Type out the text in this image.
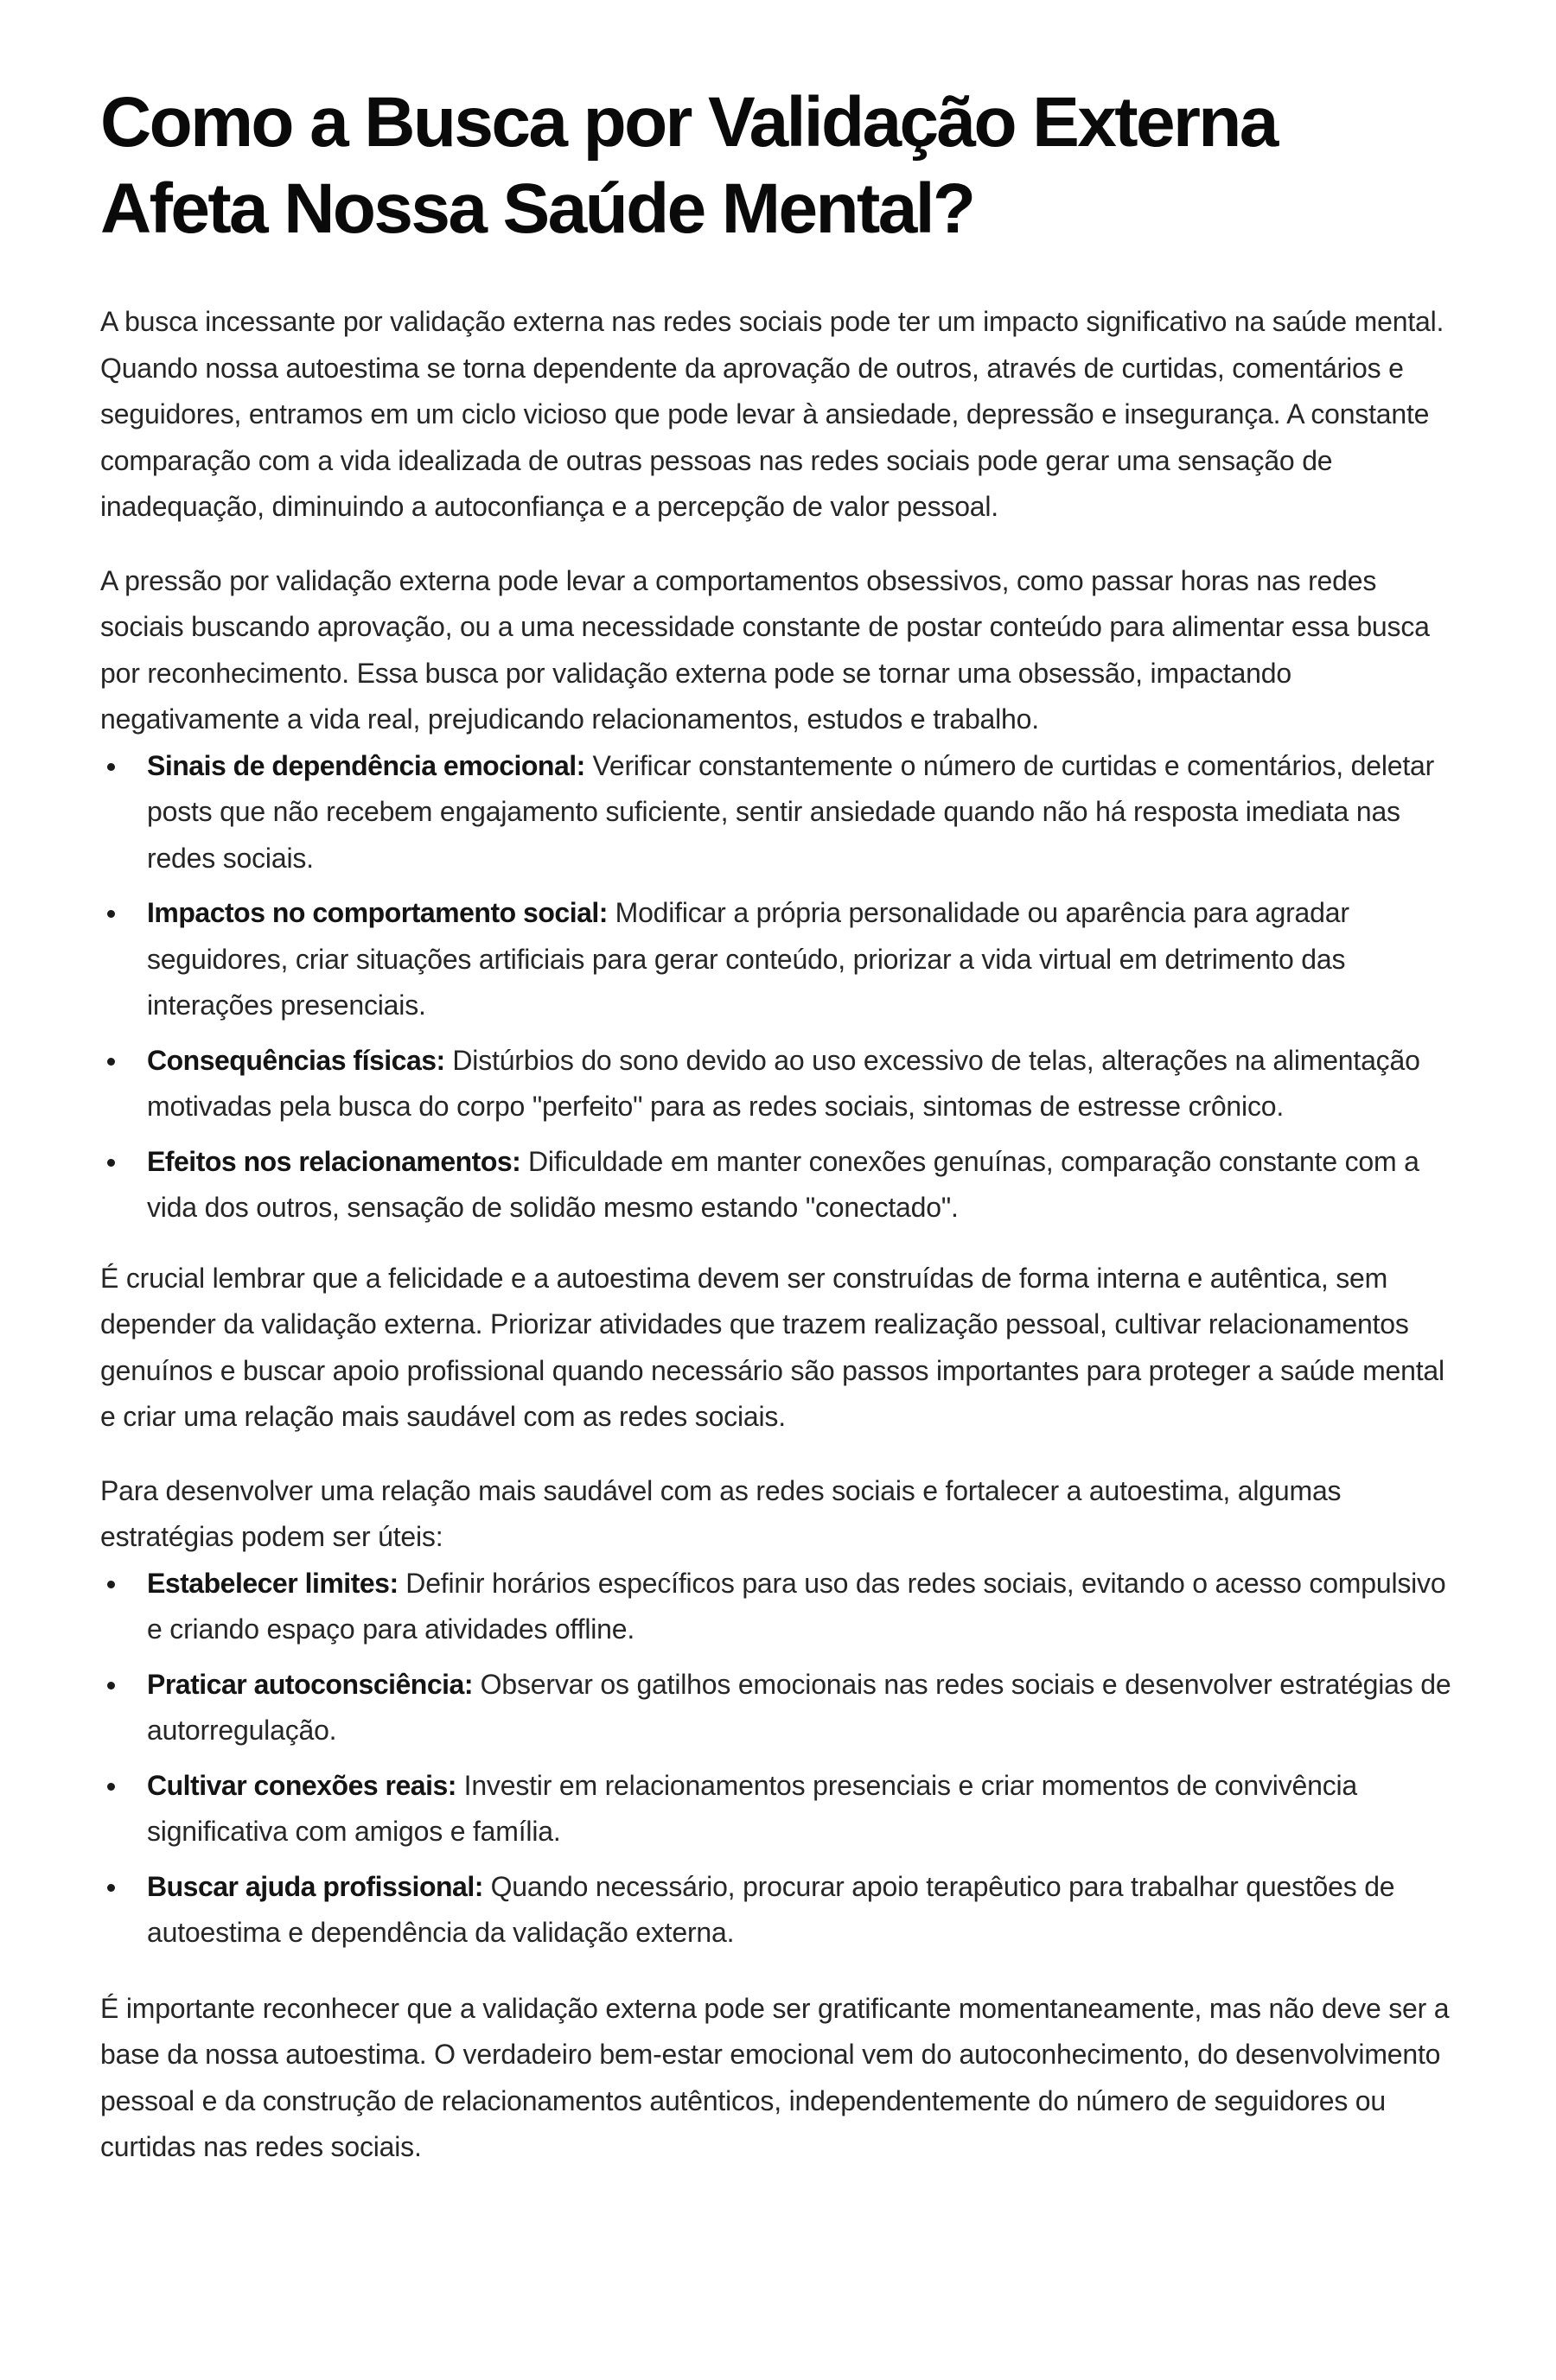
Como a Busca por Validação Externa
Afeta Nossa Saúde Mental?

A busca incessante por validação externa nas redes sociais pode ter um impacto significativo na saúde mental. Quando nossa autoestima se torna dependente da aprovação de outros, através de curtidas, comentários e seguidores, entramos em um ciclo vicioso que pode levar à ansiedade, depressão e insegurança. A constante comparação com a vida idealizada de outras pessoas nas redes sociais pode gerar uma sensação de inadequação, diminuindo a autoconfiança e a percepção de valor pessoal.

A pressão por validação externa pode levar a comportamentos obsessivos, como passar horas nas redes sociais buscando aprovação, ou a uma necessidade constante de postar conteúdo para alimentar essa busca por reconhecimento. Essa busca por validação externa pode se tornar uma obsessão, impactando negativamente a vida real, prejudicando relacionamentos, estudos e trabalho.

Sinais de dependência emocional: Verificar constantemente o número de curtidas e comentários, deletar posts que não recebem engajamento suficiente, sentir ansiedade quando não há resposta imediata nas redes sociais.
Impactos no comportamento social: Modificar a própria personalidade ou aparência para agradar seguidores, criar situações artificiais para gerar conteúdo, priorizar a vida virtual em detrimento das interações presenciais.
Consequências físicas: Distúrbios do sono devido ao uso excessivo de telas, alterações na alimentação motivadas pela busca do corpo "perfeito" para as redes sociais, sintomas de estresse crônico.
Efeitos nos relacionamentos: Dificuldade em manter conexões genuínas, comparação constante com a vida dos outros, sensação de solidão mesmo estando "conectado".

É crucial lembrar que a felicidade e a autoestima devem ser construídas de forma interna e autêntica, sem depender da validação externa. Priorizar atividades que trazem realização pessoal, cultivar relacionamentos genuínos e buscar apoio profissional quando necessário são passos importantes para proteger a saúde mental e criar uma relação mais saudável com as redes sociais.

Para desenvolver uma relação mais saudável com as redes sociais e fortalecer a autoestima, algumas estratégias podem ser úteis:

Estabelecer limites: Definir horários específicos para uso das redes sociais, evitando o acesso compulsivo e criando espaço para atividades offline.
Praticar autoconsciência: Observar os gatilhos emocionais nas redes sociais e desenvolver estratégias de autorregulação.
Cultivar conexões reais: Investir em relacionamentos presenciais e criar momentos de convivência significativa com amigos e família.
Buscar ajuda profissional: Quando necessário, procurar apoio terapêutico para trabalhar questões de autoestima e dependência da validação externa.

É importante reconhecer que a validação externa pode ser gratificante momentaneamente, mas não deve ser a base da nossa autoestima. O verdadeiro bem-estar emocional vem do autoconhecimento, do desenvolvimento pessoal e da construção de relacionamentos autênticos, independentemente do número de seguidores ou curtidas nas redes sociais.
